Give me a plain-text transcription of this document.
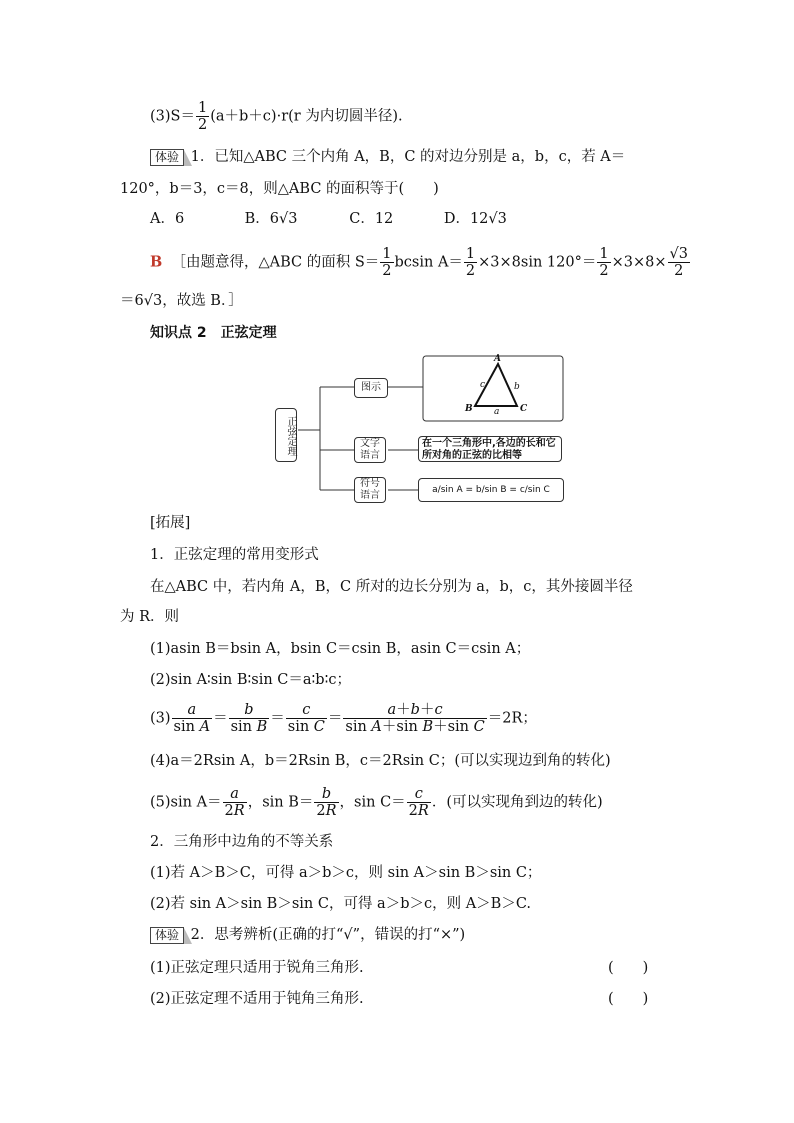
$(3)S= \frac{1}{2} (a+b+c)\cdot r(r$ 为内切圆半径).
体验 1．已知△ABC 三个内角 A，B，C 的对边分别是 a，b，c，若 A＝
120°，b＝3，c＝8，则△ABC 的面积等于(　　)
A．6	B．6√3	C．12	D．12√3
B ［由题意得，△ABC 的面积 $S= \frac{1}{2}$ bcsin $A= \frac{1}{2} \times 3\times 8\sin$ $120^\circ= \frac{1}{2} \times 3\times 8\times \frac{√3}{2}$
＝6√3，故选 B．］
知识点 2　正弦定理
正弦定理
图示
文字语言
符号语言
在一个三角形中,各边的长和它所对角的正弦的比相等
a/sin A = b/sin B = c/sin C
A
B	C
a
b
c
[拓展]
1．正弦定理的常用变形式
在△ABC 中，若内角 A，B，C 所对的边长分别为 a，b，c，其外接圆半径
为 R．则
(1)asin B＝bsin A，bsin C＝csin B，asin C＝csin A；
(2)sin A∶sin B∶sin C＝a∶b∶c；
$(3) \frac{a}{\text{sin A}} = \frac{b}{\text{sin B}} = \frac{c}{\text{sin C}} = \frac{a+b+c}{\text{sin A＋sin B＋sin C}} =2R$；
(4)a＝2Rsin A，b＝2Rsin B，c＝2Rsin C；(可以实现边到角的转化)
(5)sin $A= \frac{a}{2R}$ ，$\sin B= \frac{b}{2R}$ ，$\sin C= \frac{c}{2R}$ ．(可以实现角到边的转化)
2．三角形中边角的不等关系
(1)若 A＞B＞C，可得 a＞b＞c，则 sin A＞sin B＞sin C；
(2)若 sin A＞sin B＞sin C，可得 a＞b＞c，则 A＞B＞C.
体验 2．思考辨析(正确的打“√”，错误的打“×”)
(1)正弦定理只适用于锐角三角形.	(　　)
(2)正弦定理不适用于钝角三角形.	(　　)
